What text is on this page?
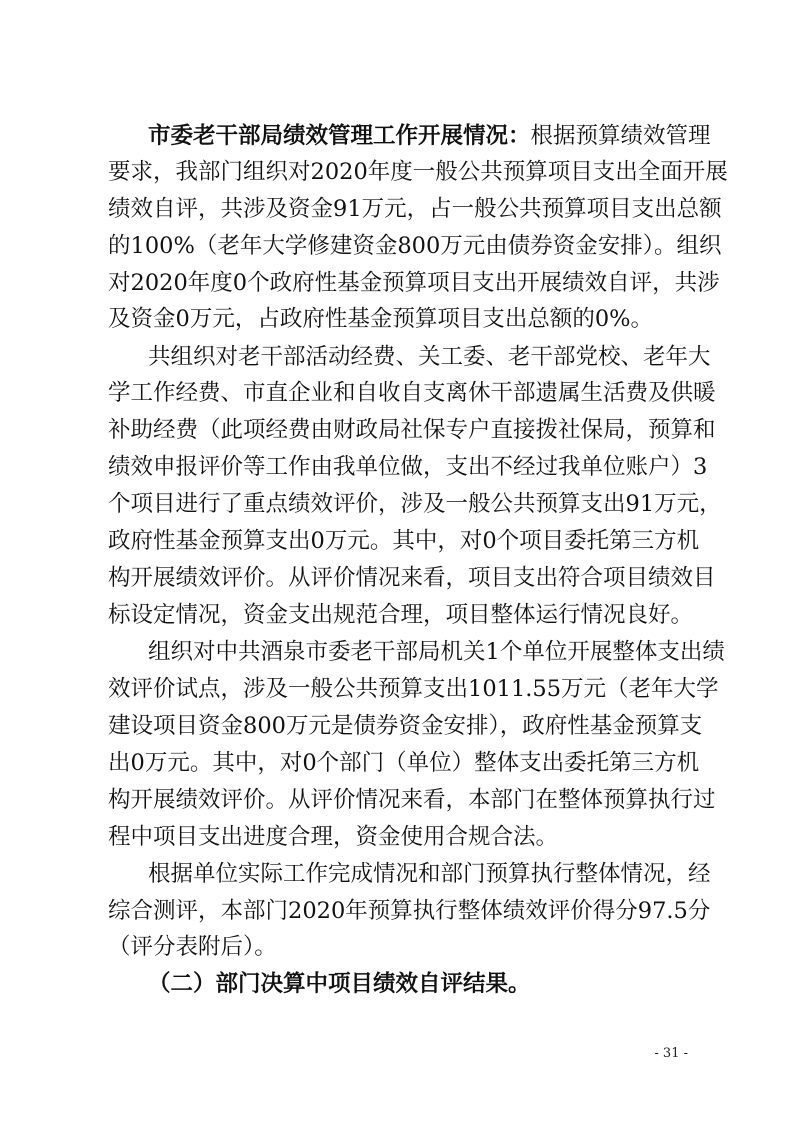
市委老干部局绩效管理工作开展情况：根据预算绩效管理
要求，我部门组织对2020年度一般公共预算项目支出全面开展
绩效自评，共涉及资金91万元，占一般公共预算项目支出总额
的100%（老年大学修建资金800万元由债券资金安排）。组织
对2020年度0个政府性基金预算项目支出开展绩效自评，共涉
及资金0万元，占政府性基金预算项目支出总额的0%。
共组织对老干部活动经费、关工委、老干部党校、老年大
学工作经费、市直企业和自收自支离休干部遗属生活费及供暖
补助经费（此项经费由财政局社保专户直接拨社保局，预算和
绩效申报评价等工作由我单位做，支出不经过我单位账户）3
个项目进行了重点绩效评价，涉及一般公共预算支出91万元，
政府性基金预算支出0万元。其中，对0个项目委托第三方机
构开展绩效评价。从评价情况来看，项目支出符合项目绩效目
标设定情况，资金支出规范合理，项目整体运行情况良好。
组织对中共酒泉市委老干部局机关1个单位开展整体支出绩
效评价试点，涉及一般公共预算支出1011.55万元（老年大学
建设项目资金800万元是债券资金安排），政府性基金预算支
出0万元。其中，对0个部门（单位）整体支出委托第三方机
构开展绩效评价。从评价情况来看，本部门在整体预算执行过
程中项目支出进度合理，资金使用合规合法。
根据单位实际工作完成情况和部门预算执行整体情况，经
综合测评，本部门2020年预算执行整体绩效评价得分97.5分
（评分表附后）。
（二）部门决算中项目绩效自评结果。
- 31 -
